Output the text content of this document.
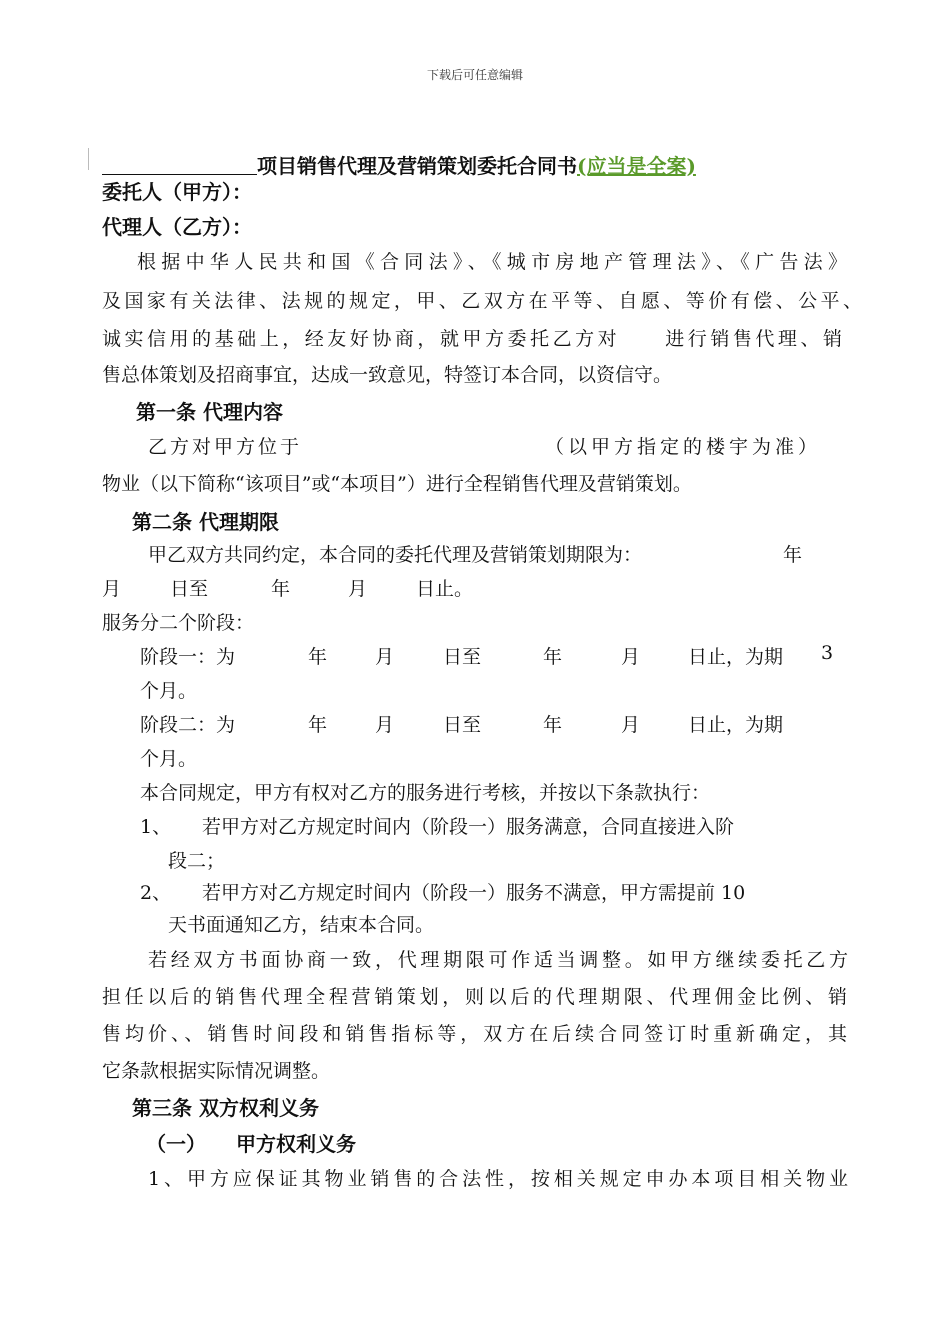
下载后可任意编辑
项目销售代理及营销策划委托合同书(应当是全案)
委托人（甲方）：
代理人（乙方）：
根据中华人民共和国《合同法》、《城市房地产管理法》、《广告法》
及国家有关法律、法规的规定，甲、乙双方在平等、自愿、等价有偿、公平、
诚实信用的基础上，经友好协商，就甲方委托乙方对　　进行销售代理、销
售总体策划及招商事宜，达成一致意见，特签订本合同，以资信守。
第一条 代理内容
乙方对甲方位于	（以甲方指定的楼宇为准）
物业（以下简称“该项目”或“本项目”）进行全程销售代理及营销策划。
第二条 代理期限
甲乙双方共同约定，本合同的委托代理及营销策划期限为：	年
月	日至	年	月	日止。
服务分二个阶段：
阶段一：为	年	月	日至	年	月	日止，为期 3
个月。
阶段二：为	年	月	日至	年	月	日止，为期
个月。
本合同规定，甲方有权对乙方的服务进行考核，并按以下条款执行：
1、 若甲方对乙方规定时间内（阶段一）服务满意，合同直接进入阶
段二；
2、 若甲方对乙方规定时间内（阶段一）服务不满意，甲方需提前 10
天书面通知乙方，结束本合同。
若经双方书面协商一致，代理期限可作适当调整。如甲方继续委托乙方
担任以后的销售代理全程营销策划，则以后的代理期限、代理佣金比例、销
售均价、、销售时间段和销售指标等，双方在后续合同签订时重新确定，其
它条款根据实际情况调整。
第三条 双方权利义务
（一） 甲方权利义务
1、甲方应保证其物业销售的合法性，按相关规定申办本项目相关物业
